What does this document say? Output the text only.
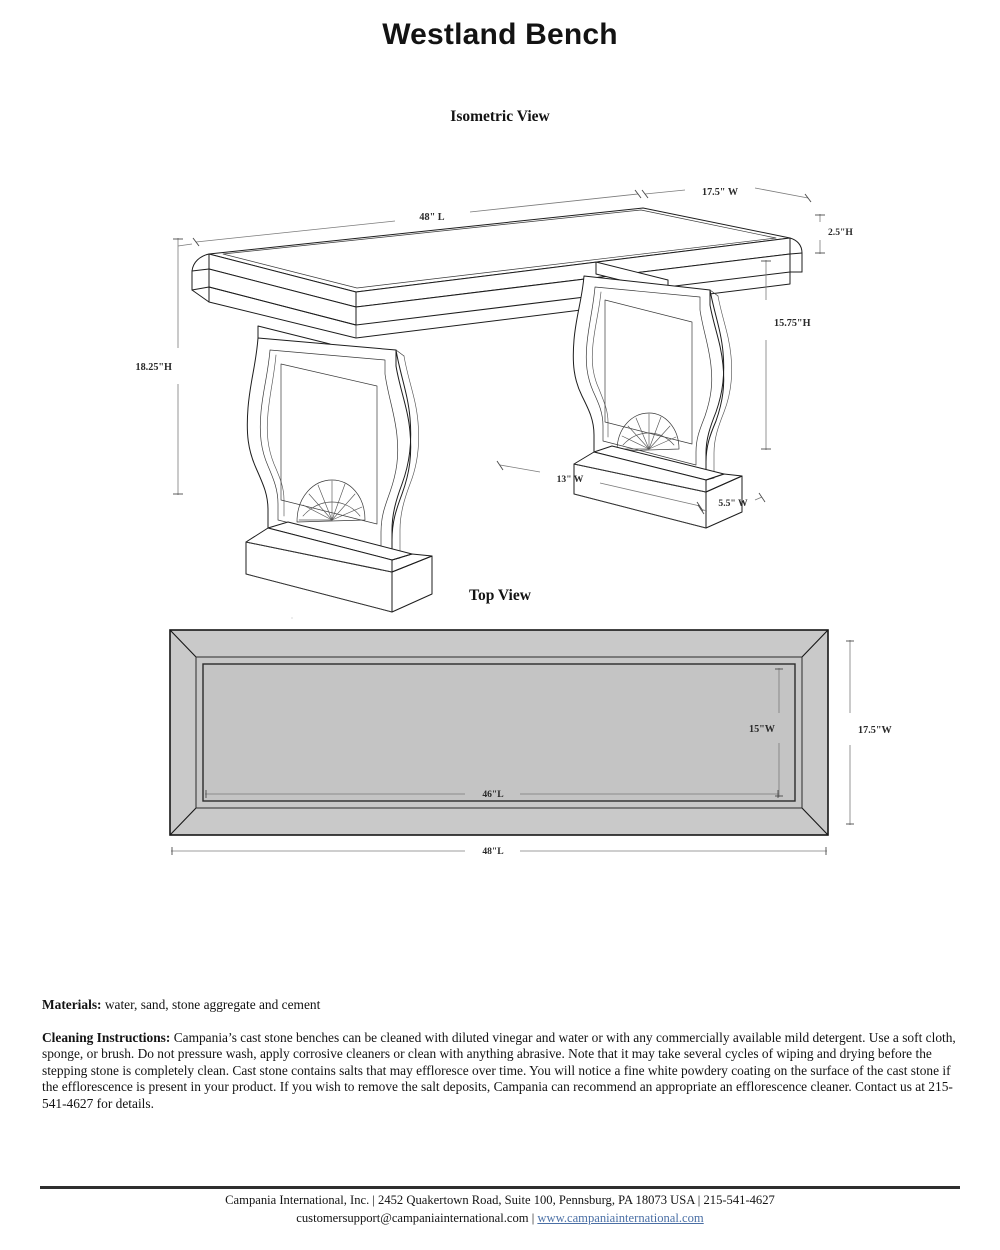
Westland Bench
Isometric View
48" L
17.5" W
2.5"H
18.25"H
15.75"H
13" W
5.5" W
Top View
15"W	17.5"W
46"L
48"L
Materials: water, sand, stone aggregate and cement
Cleaning Instructions: Campania’s cast stone benches can be cleaned with diluted vinegar and water or with any commercially available mild detergent. Use a soft cloth, sponge, or brush. Do not pressure wash, apply corrosive cleaners or clean with anything abrasive. Note that it may take several cycles of wiping and drying before the stepping stone is completely clean. Cast stone contains salts that may effloresce over time. You will notice a fine white powdery coating on the surface of the cast stone if the efflorescence is present in your product. If you wish to remove the salt deposits, Campania can recommend an appropriate an efflorescence cleaner. Contact us at 215-541-4627 for details.
Campania International, Inc. | 2452 Quakertown Road, Suite 100, Pennsburg, PA 18073 USA | 215-541-4627
customersupport@campaniainternational.com | www.campaniainternational.com
